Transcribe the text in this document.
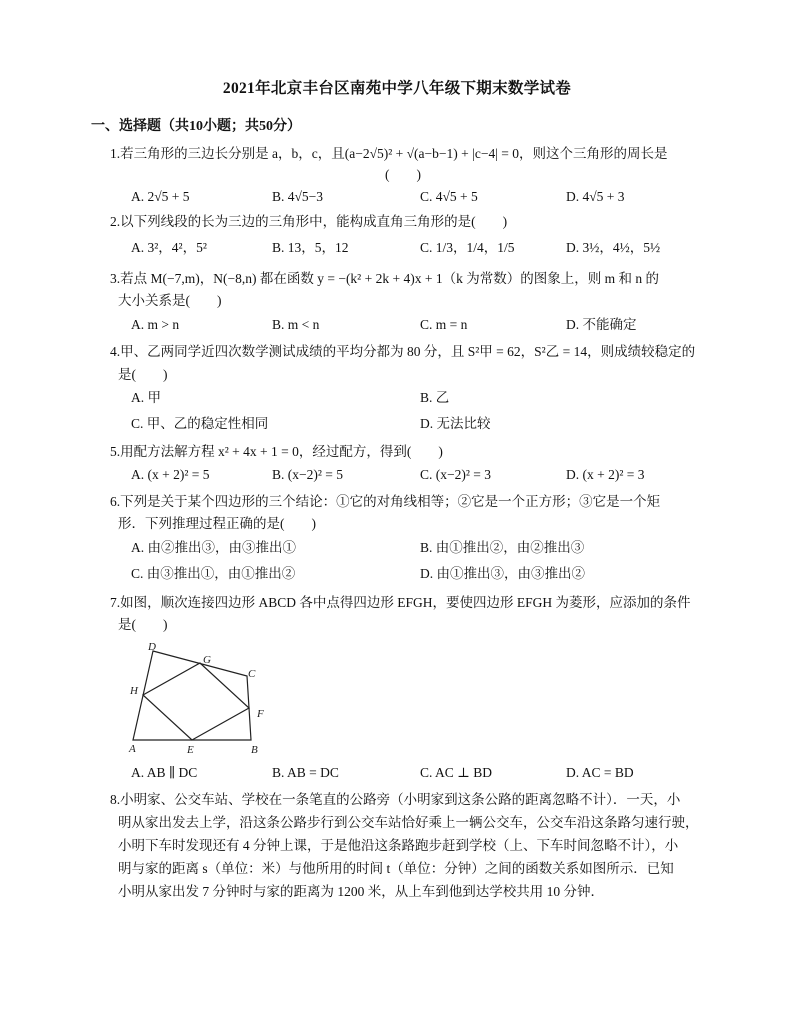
2021年北京丰台区南苑中学八年级下期末数学试卷
一、选择题（共10小题；共50分）
1.若三角形的三边长分别是 a，b，c，且(a−2√5)² + √(a−b−1) + |c−4| = 0，则这个三角形的周长是
(　　)
A. 2√5 + 5	B. 4√5−3	C. 4√5 + 5	D. 4√5 + 3
2.以下列线段的长为三边的三角形中，能构成直角三角形的是(　　)
A. 3²，4²，5²	B. 13，5，12	C. 1/3，1/4，1/5	D. 3½，4½，5½
3.若点 M(−7,m)，N(−8,n) 都在函数 y = −(k² + 2k + 4)x + 1（k 为常数）的图象上，则 m 和 n 的
大小关系是(　　)
A. m > n	B. m < n	C. m = n	D. 不能确定
4.甲、乙两同学近四次数学测试成绩的平均分都为 80 分，且 S²甲 = 62，S²乙 = 14，则成绩较稳定的
是(　　)
A. 甲	B. 乙
C. 甲、乙的稳定性相同	D. 无法比较
5.用配方法解方程 x² + 4x + 1 = 0，经过配方，得到(　　)
A. (x + 2)² = 5	B. (x−2)² = 5	C. (x−2)² = 3	D. (x + 2)² = 3
6.下列是关于某个四边形的三个结论：①它的对角线相等；②它是一个正方形；③它是一个矩
形．下列推理过程正确的是(　　)
A. 由②推出③，由③推出①	B. 由①推出②，由②推出③
C. 由③推出①，由①推出②	D. 由①推出③，由③推出②
7.如图，顺次连接四边形 ABCD 各中点得四边形 EFGH，要使四边形 EFGH 为菱形，应添加的条件
是(　　)
D
G
C
H
F
A	E	B
A. AB ∥ DC	B. AB = DC	C. AC ⊥ BD	D. AC = BD
8.小明家、公交车站、学校在一条笔直的公路旁（小明家到这条公路的距离忽略不计）．一天，小
明从家出发去上学，沿这条公路步行到公交车站恰好乘上一辆公交车，公交车沿这条路匀速行驶，
小明下车时发现还有 4 分钟上课，于是他沿这条路跑步赶到学校（上、下车时间忽略不计），小
明与家的距离 s（单位：米）与他所用的时间 t（单位：分钟）之间的函数关系如图所示．已知
小明从家出发 7 分钟时与家的距离为 1200 米，从上车到他到达学校共用 10 分钟．
